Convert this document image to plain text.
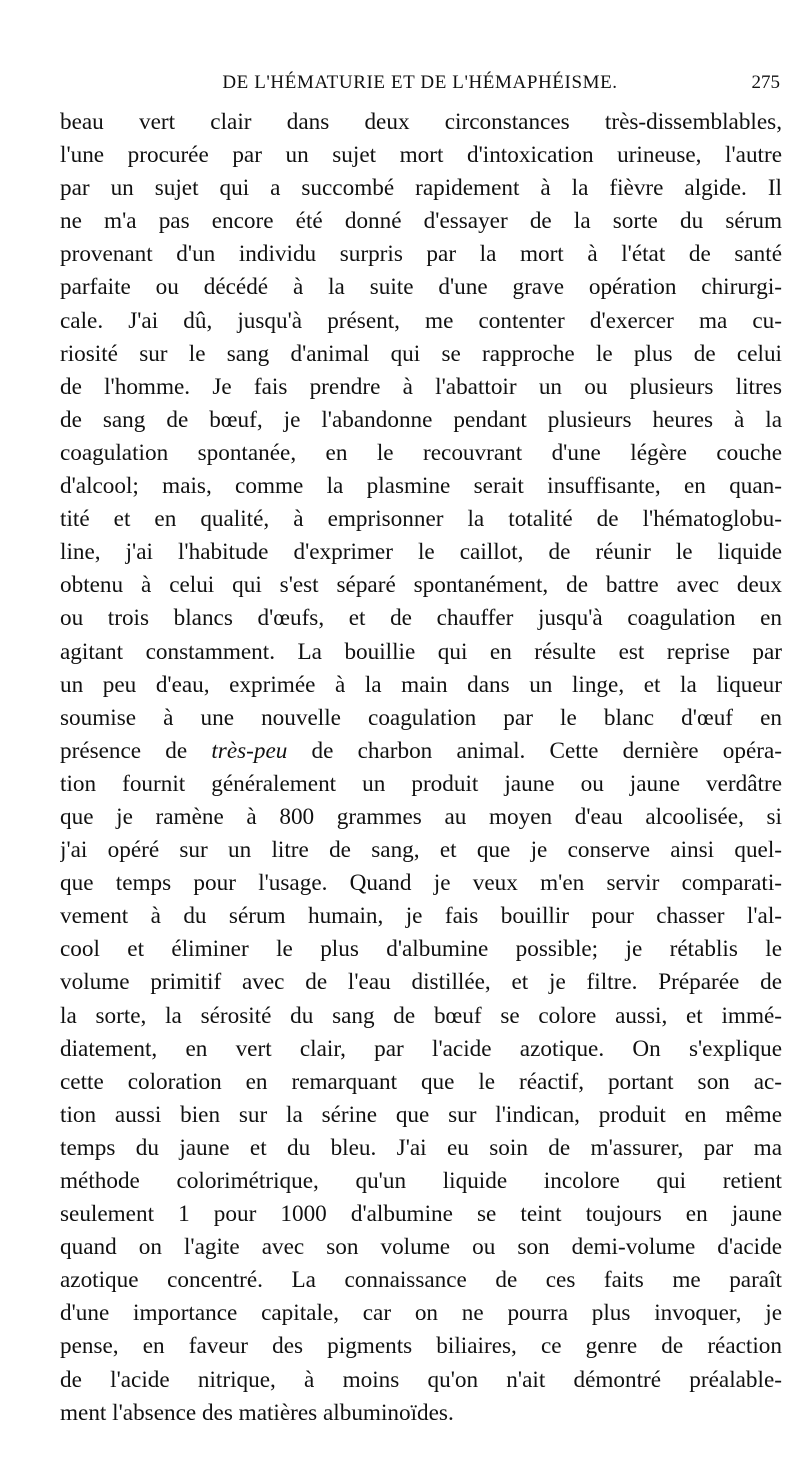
DE L'HÉMATURIE ET DE L'HÉMAPHÉISME.	275
beau vert clair dans deux circonstances très-dissemblables,
l'une procurée par un sujet mort d'intoxication urineuse, l'autre
par un sujet qui a succombé rapidement à la fièvre algide. Il
ne m'a pas encore été donné d'essayer de la sorte du sérum
provenant d'un individu surpris par la mort à l'état de santé
parfaite ou décédé à la suite d'une grave opération chirurgi-
cale. J'ai dû, jusqu'à présent, me contenter d'exercer ma cu-
riosité sur le sang d'animal qui se rapproche le plus de celui
de l'homme. Je fais prendre à l'abattoir un ou plusieurs litres
de sang de bœuf, je l'abandonne pendant plusieurs heures à la
coagulation spontanée, en le recouvrant d'une légère couche
d'alcool; mais, comme la plasmine serait insuffisante, en quan-
tité et en qualité, à emprisonner la totalité de l'hématoglobu-
line, j'ai l'habitude d'exprimer le caillot, de réunir le liquide
obtenu à celui qui s'est séparé spontanément, de battre avec deux
ou trois blancs d'œufs, et de chauffer jusqu'à coagulation en
agitant constamment. La bouillie qui en résulte est reprise par
un peu d'eau, exprimée à la main dans un linge, et la liqueur
soumise à une nouvelle coagulation par le blanc d'œuf en
présence de très-peu de charbon animal. Cette dernière opéra-
tion fournit généralement un produit jaune ou jaune verdâtre
que je ramène à 800 grammes au moyen d'eau alcoolisée, si
j'ai opéré sur un litre de sang, et que je conserve ainsi quel-
que temps pour l'usage. Quand je veux m'en servir comparati-
vement à du sérum humain, je fais bouillir pour chasser l'al-
cool et éliminer le plus d'albumine possible; je rétablis le
volume primitif avec de l'eau distillée, et je filtre. Préparée de
la sorte, la sérosité du sang de bœuf se colore aussi, et immé-
diatement, en vert clair, par l'acide azotique. On s'explique
cette coloration en remarquant que le réactif, portant son ac-
tion aussi bien sur la sérine que sur l'indican, produit en même
temps du jaune et du bleu. J'ai eu soin de m'assurer, par ma
méthode colorimétrique, qu'un liquide incolore qui retient
seulement 1 pour 1000 d'albumine se teint toujours en jaune
quand on l'agite avec son volume ou son demi-volume d'acide
azotique concentré. La connaissance de ces faits me paraît
d'une importance capitale, car on ne pourra plus invoquer, je
pense, en faveur des pigments biliaires, ce genre de réaction
de l'acide nitrique, à moins qu'on n'ait démontré préalable-
ment l'absence des matières albuminoïdes.
